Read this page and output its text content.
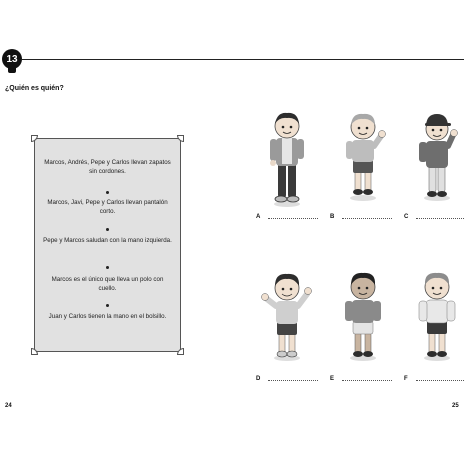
13
¿Quién es quién?
Marcos, Andrés, Pepe y Carlos llevan zapatos sin cordones.
Marcos, Javi, Pepe y Carlos llevan pantalón corto.
Pepe y Marcos saludan con la mano izquierda.
Marcos es el único que lleva un polo con cuello.
Juan y Carlos tienen la mano en el bolsillo.
A	B	C
D	E	F
24	25
